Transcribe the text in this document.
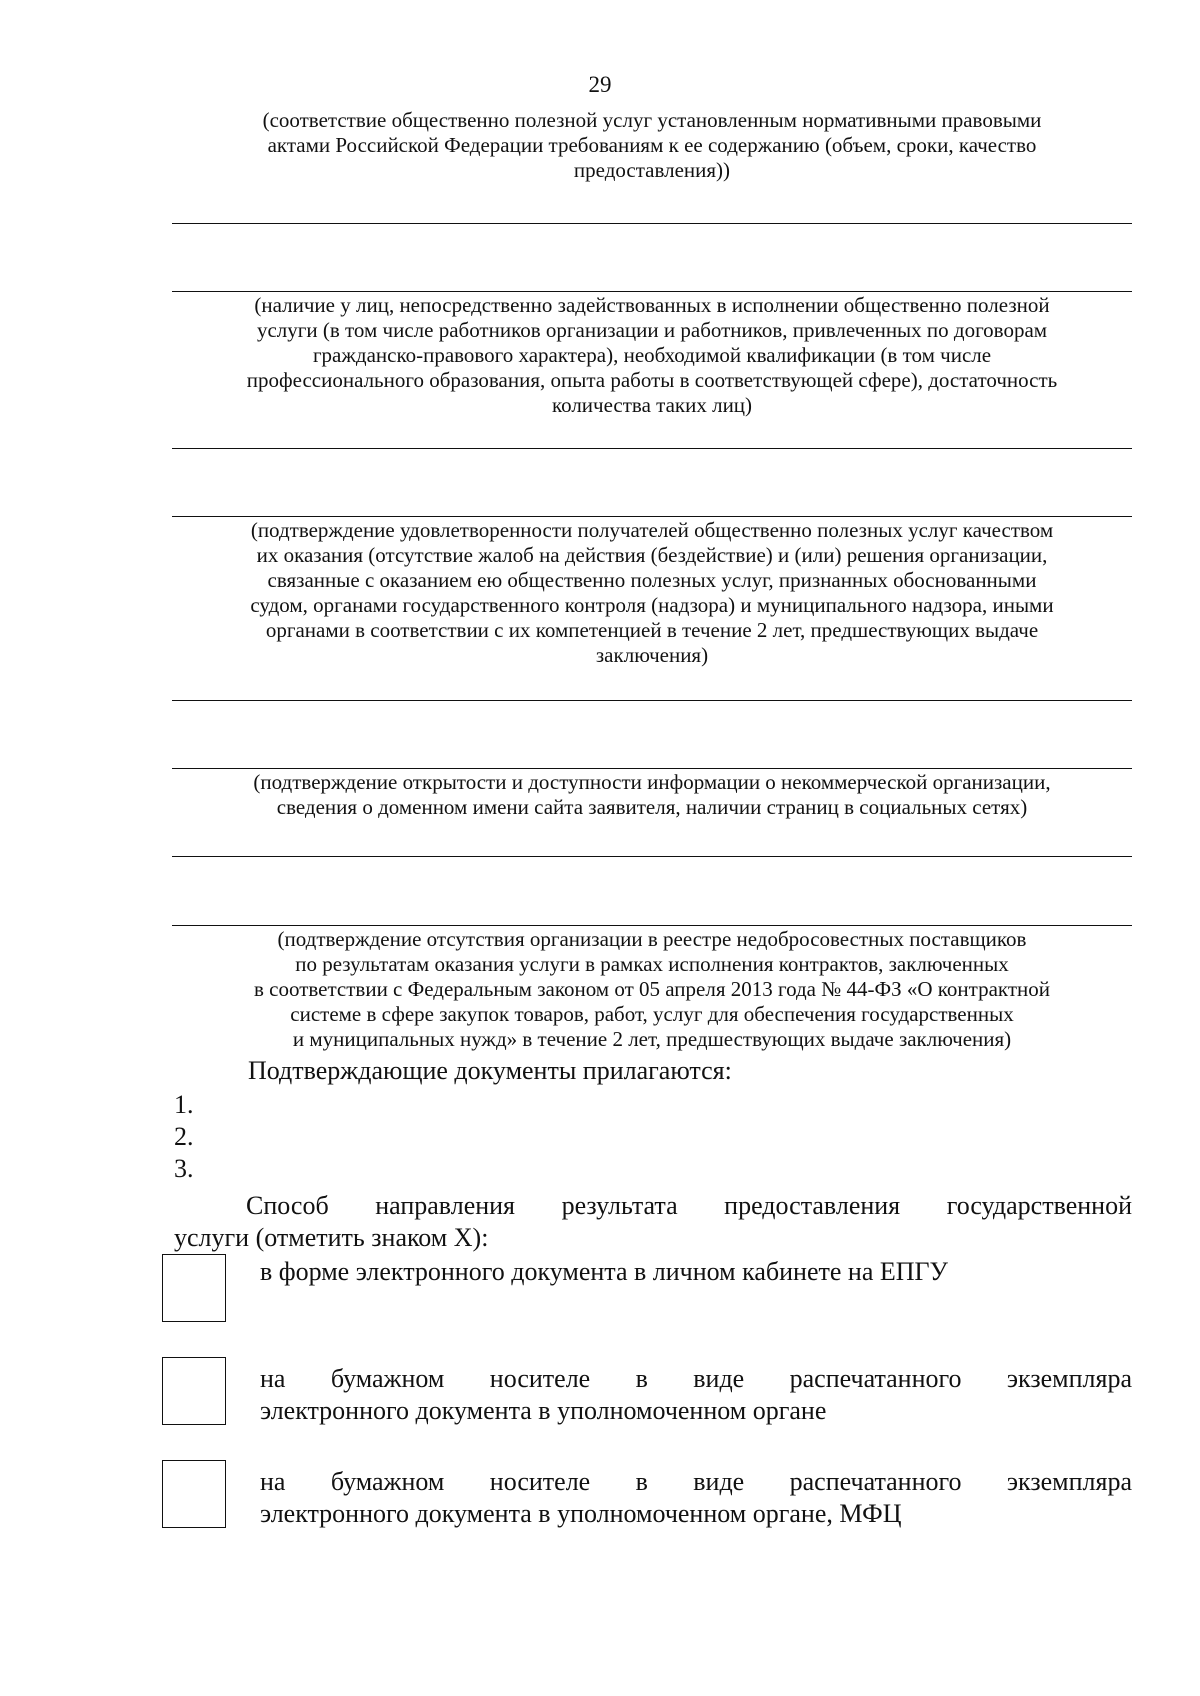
29
(соответствие общественно полезной услуг установленным нормативными правовыми
актами Российской Федерации требованиям к ее содержанию (объем, сроки, качество
предоставления))
(наличие у лиц, непосредственно задействованных в исполнении общественно полезной
услуги (в том числе работников организации и работников, привлеченных по договорам
гражданско-правового характера), необходимой квалификации (в том числе
профессионального образования, опыта работы в соответствующей сфере), достаточность
количества таких лиц)
(подтверждение удовлетворенности получателей общественно полезных услуг качеством
их оказания (отсутствие жалоб на действия (бездействие) и (или) решения организации,
связанные с оказанием ею общественно полезных услуг, признанных обоснованными
судом, органами государственного контроля (надзора) и муниципального надзора, иными
органами в соответствии с их компетенцией в течение 2 лет, предшествующих выдаче
заключения)
(подтверждение открытости и доступности информации о некоммерческой организации,
сведения о доменном имени сайта заявителя, наличии страниц в социальных сетях)
(подтверждение отсутствия организации в реестре недобросовестных поставщиков
по результатам оказания услуги в рамках исполнения контрактов, заключенных
в соответствии с Федеральным законом от 05 апреля 2013 года № 44-ФЗ «О контрактной
системе в сфере закупок товаров, работ, услуг для обеспечения государственных
и муниципальных нужд» в течение 2 лет, предшествующих выдаче заключения)
Подтверждающие документы прилагаются:
1.
2.
3.
Способ направления результата предоставления государственной
услуги (отметить знаком X):
в форме электронного документа в личном кабинете на ЕПГУ
на бумажном носителе в виде распечатанного экземпляра
электронного документа в уполномоченном органе
на бумажном носителе в виде распечатанного экземпляра
электронного документа в уполномоченном органе, МФЦ
